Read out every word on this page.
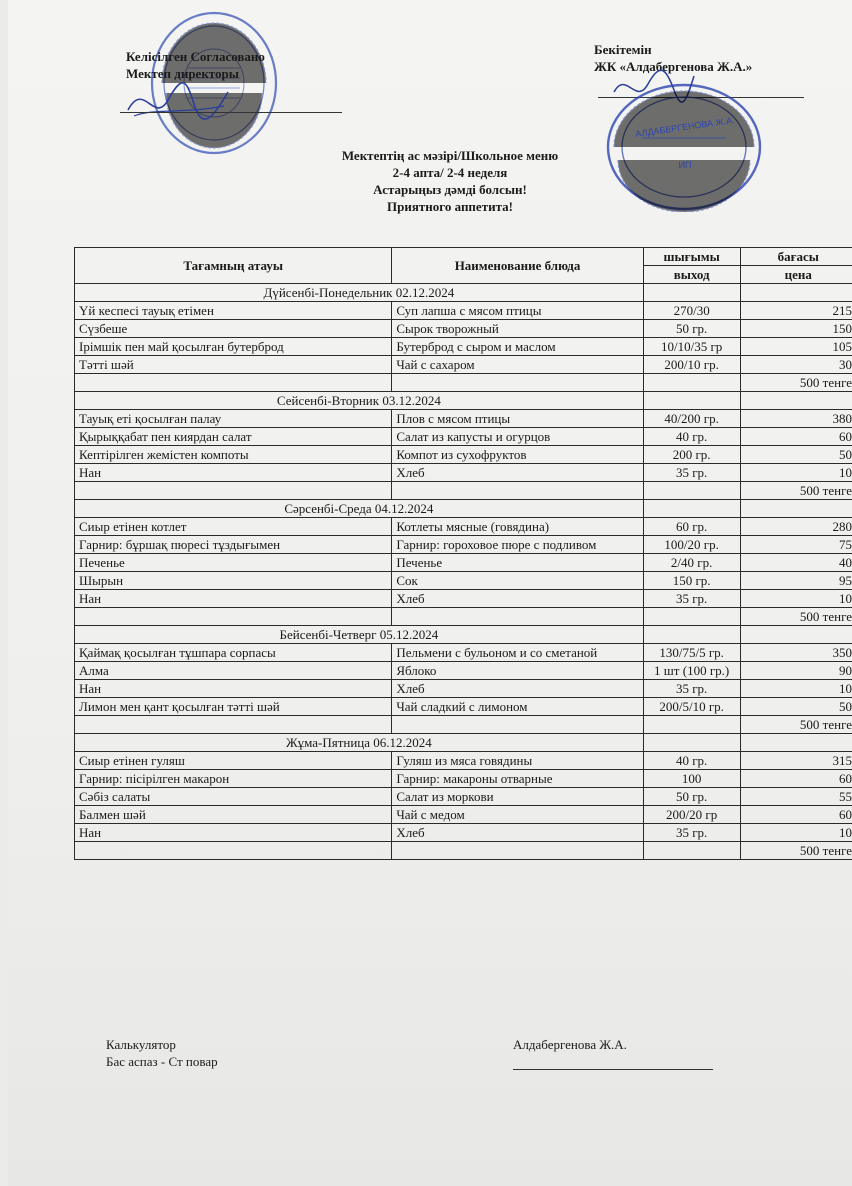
Келісілген Согласовано
Мектеп директоры
Бекітемін
ЖК «Алдабергенова Ж.А.»
АЛДАБЕРГЕНОВА Ж.А.
ИП
Мектептің ас мәзірі/Школьное меню
2-4 апта/ 2-4 неделя
Астарыңыз дәмді болсын!
Приятного аппетита!
Тағамның атауы	Наименование блюда	шығымы	бағасы
		выход	цена
Дүйсенбі-Понедельник 02.12.2024			
Үй кеспесі тауық етімен	Суп лапша с мясом птицы	270/30	215
Сүзбеше	Сырок творожный	50 гр.	150
Ірімшік пен май қосылған бутерброд	Бутерброд с сыром и маслом	10/10/35 гр	105
Тәтті шәй	Чай с сахаром	200/10 гр.	30
			500 тенге
Сейсенбі-Вторник 03.12.2024			
Тауық еті қосылған палау	Плов с мясом птицы	40/200 гр.	380
Қырыққабат пен киярдан салат	Салат из капусты и огурцов	40 гр.	60
Кептірілген жемістен компоты	Компот из сухофруктов	200 гр.	50
Нан	Хлеб	35 гр.	10
			500 тенге
Сәрсенбі-Среда 04.12.2024			
Сиыр етінен котлет	Котлеты мясные (говядина)	60 гр.	280
Гарнир: бұршақ пюресі тұздығымен	Гарнир: гороховое пюре с подливом	100/20 гр.	75
Печенье	Печенье	2/40 гр.	40
Шырын	Сок	150 гр.	95
Нан	Хлеб	35 гр.	10
			500 тенге
Бейсенбі-Четверг 05.12.2024			
Қаймақ қосылған тұшпара сорпасы	Пельмени с бульоном и со сметаной	130/75/5 гр.	350
Алма	Яблоко	1 шт (100 гр.)	90
Нан	Хлеб	35 гр.	10
Лимон мен қант қосылған тәтті шәй	Чай сладкий с лимоном	200/5/10 гр.	50
			500 тенге
Жұма-Пятница 06.12.2024			
Сиыр етінен гуляш	Гуляш из мяса говядины	40 гр.	315
Гарнир: пісірілген макарон	Гарнир: макароны отварные	100	60
Сәбіз салаты	Салат из моркови	50 гр.	55
Балмен шәй	Чай с медом	200/20 гр	60
Нан	Хлеб	35 гр.	10
			500 тенге
Калькулятор
Бас аспаз - Ст повар
Алдабергенова Ж.А.
